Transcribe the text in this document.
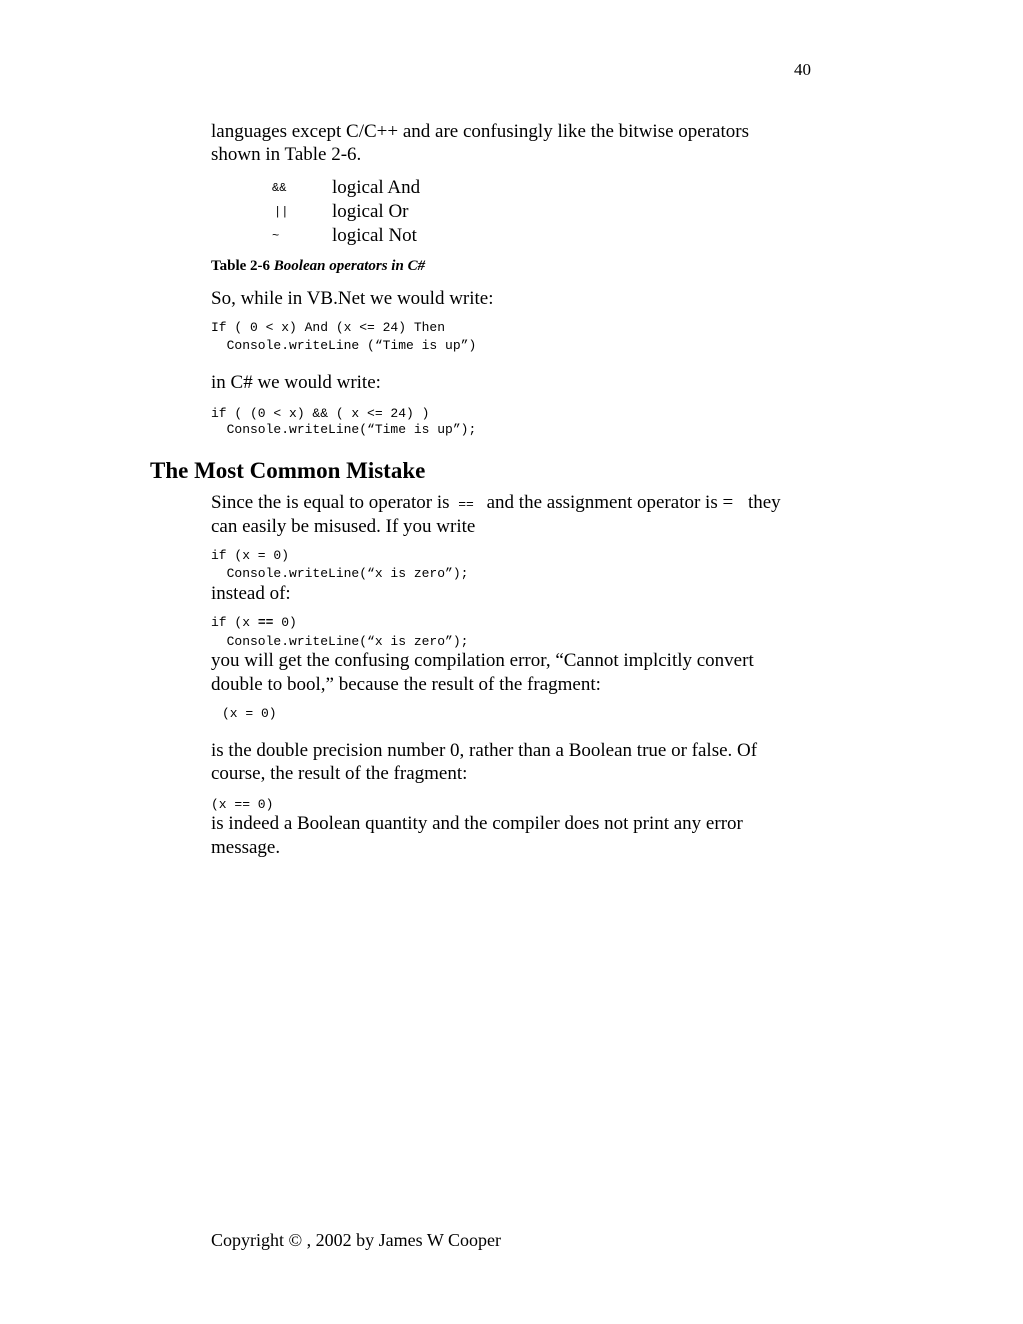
40
languages except C/C++ and are confusingly like the bitwise operators
shown in Table 2-6.
&& logical And
|| logical Or
~	logical Not
Table 2-6 Boolean operators in C#
So, while in VB.Net we would write:
If ( 0 < x) And (x <= 24) Then
Console.writeLine (“Time is up”)
in C# we would write:
if ( (0 < x) && ( x <= 24) )
Console.writeLine(“Time is up”);
The Most Common Mistake
Since the is equal to operator is == and the assignment operator is = they
can easily be misused. If you write
if (x = 0)
Console.writeLine(“x is zero”);
instead of:
if (x == 0)
Console.writeLine(“x is zero”);
you will get the confusing compilation error, “Cannot implcitly convert
double to bool,” because the result of the fragment:
(x = 0)
is the double precision number 0, rather than a Boolean true or false. Of
course, the result of the fragment:
(x == 0)
is indeed a Boolean quantity and the compiler does not print any error
message.
Copyright © , 2002 by James W Cooper
